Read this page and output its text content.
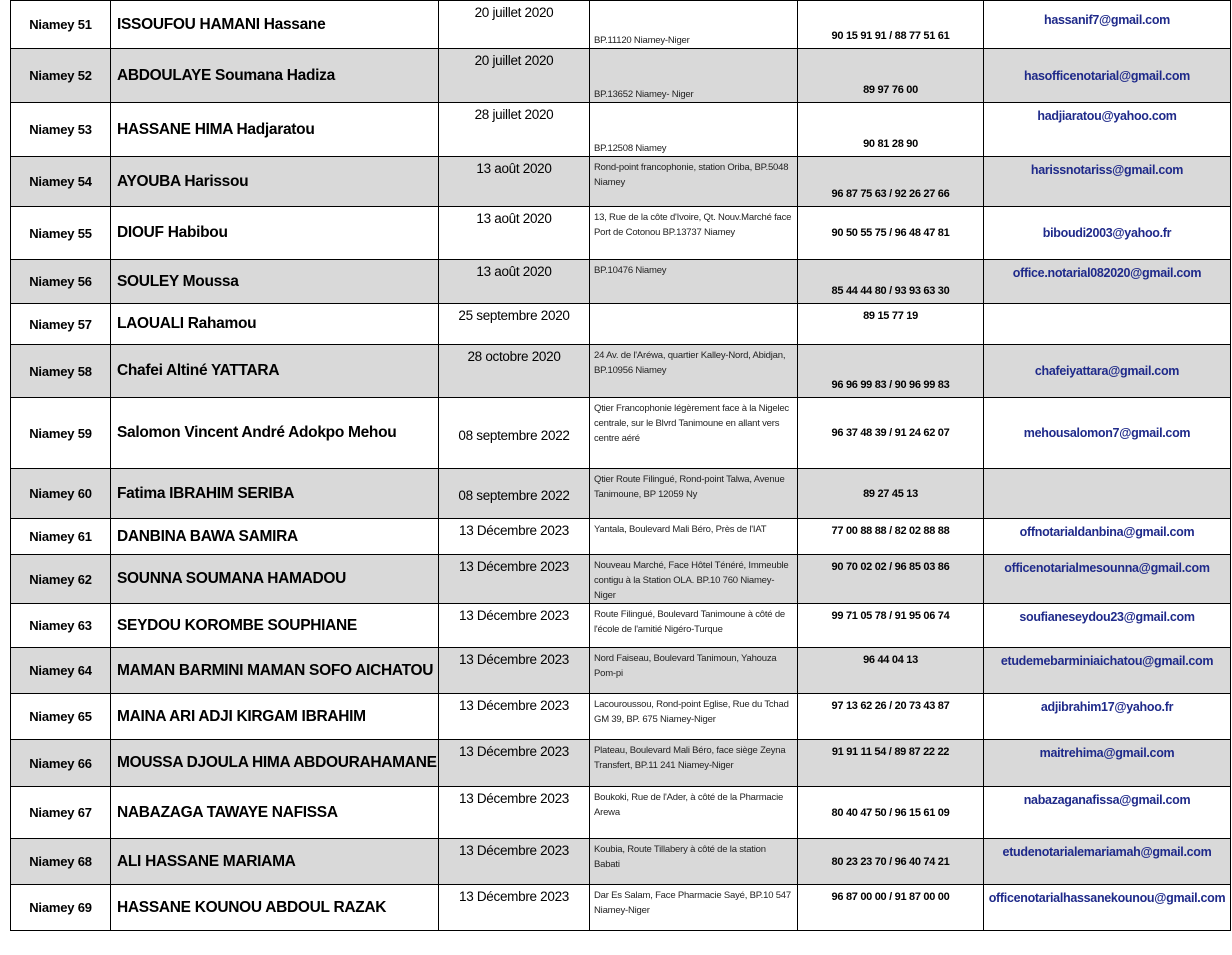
Niamey 51	ISSOUFOU HAMANI Hassane	20 juillet 2020	BP.11120 Niamey-Niger	90 15 91 91 / 88 77 51 61	hassanif7@gmail.com
Niamey 52	ABDOULAYE Soumana Hadiza	20 juillet 2020	BP.13652 Niamey- Niger	89 97 76 00	hasofficenotarial@gmail.com
Niamey 53	HASSANE HIMA Hadjaratou	28 juillet 2020	BP.12508 Niamey	90 81 28 90	hadjiaratou@yahoo.com
Niamey 54	AYOUBA Harissou	13 août 2020	Rond-point francophonie, station Oriba, BP.5048 Niamey	96 87 75 63 / 92 26 27 66	harissnotariss@gmail.com
Niamey 55	DIOUF Habibou	13 août 2020	13, Rue de la côte d'Ivoire, Qt. Nouv.Marché face Port de Cotonou BP.13737 Niamey	90 50 55 75 / 96 48 47 81	biboudi2003@yahoo.fr
Niamey 56	SOULEY Moussa	13 août 2020	BP.10476 Niamey	85 44 44 80 / 93 93 63 30	office.notarial082020@gmail.com
Niamey 57	LAOUALI Rahamou	25 septembre 2020		89 15 77 19	
Niamey 58	Chafei Altiné YATTARA	28 octobre 2020	24 Av. de l'Aréwa, quartier Kalley-Nord, Abidjan, BP.10956 Niamey	96 96 99 83 / 90 96 99 83	chafeiyattara@gmail.com
Niamey 59	Salomon Vincent André Adokpo Mehou	08 septembre 2022	Qtier Francophonie légèrement face à la Nigelec centrale, sur le Blvrd Tanimoune en allant vers centre aéré	96 37 48 39 / 91 24 62 07	mehousalomon7@gmail.com
Niamey 60	Fatima IBRAHIM SERIBA	08 septembre 2022	Qtier Route Filingué, Rond-point Talwa, Avenue Tanimoune, BP 12059 Ny	89 27 45 13	
Niamey 61	DANBINA BAWA SAMIRA	13 Décembre 2023	Yantala, Boulevard Mali Béro, Près de l'IAT	77 00 88 88 / 82 02 88 88	offnotarialdanbina@gmail.com
Niamey 62	SOUNNA SOUMANA HAMADOU	13 Décembre 2023	Nouveau Marché, Face Hôtel Ténéré, Immeuble contigu à la Station OLA. BP.10 760 Niamey-Niger	90 70 02 02 / 96 85 03 86	officenotarialmesounna@gmail.com
Niamey 63	SEYDOU KOROMBE SOUPHIANE	13 Décembre 2023	Route Filingué, Boulevard Tanimoune à côté de l'école de l'amitié Nigéro-Turque	99 71 05 78 / 91 95 06 74	soufianeseydou23@gmail.com
Niamey 64	MAMAN BARMINI MAMAN SOFO AICHATOU	13 Décembre 2023	Nord Faiseau, Boulevard Tanimoun, Yahouza Pom-pi	96 44 04 13	etudemebarminiaichatou@gmail.com
Niamey 65	MAINA ARI ADJI KIRGAM IBRAHIM	13 Décembre 2023	Lacouroussou, Rond-point Eglise, Rue du Tchad GM 39, BP. 675 Niamey-Niger	97 13 62 26 / 20 73 43 87	adjibrahim17@yahoo.fr
Niamey 66	MOUSSA DJOULA HIMA ABDOURAHAMANE	13 Décembre 2023	Plateau, Boulevard Mali Béro, face siège Zeyna Transfert, BP.11 241 Niamey-Niger	91 91 11 54 / 89 87 22 22	maitrehima@gmail.com
Niamey 67	NABAZAGA TAWAYE NAFISSA	13 Décembre 2023	Boukoki, Rue de l'Ader, à côté de la Pharmacie Arewa	80 40 47 50 / 96 15 61 09	nabazaganafissa@gmail.com
Niamey 68	ALI HASSANE MARIAMA	13 Décembre 2023	Koubia, Route Tillabery à côté de la station Babati	80 23 23 70 / 96 40 74 21	etudenotarialemariamah@gmail.com
Niamey 69	HASSANE KOUNOU ABDOUL RAZAK	13 Décembre 2023	Dar Es Salam, Face Pharmacie Sayé, BP.10 547 Niamey-Niger	96 87 00 00 / 91 87 00 00	officenotarialhassanekounou@gmail.com
